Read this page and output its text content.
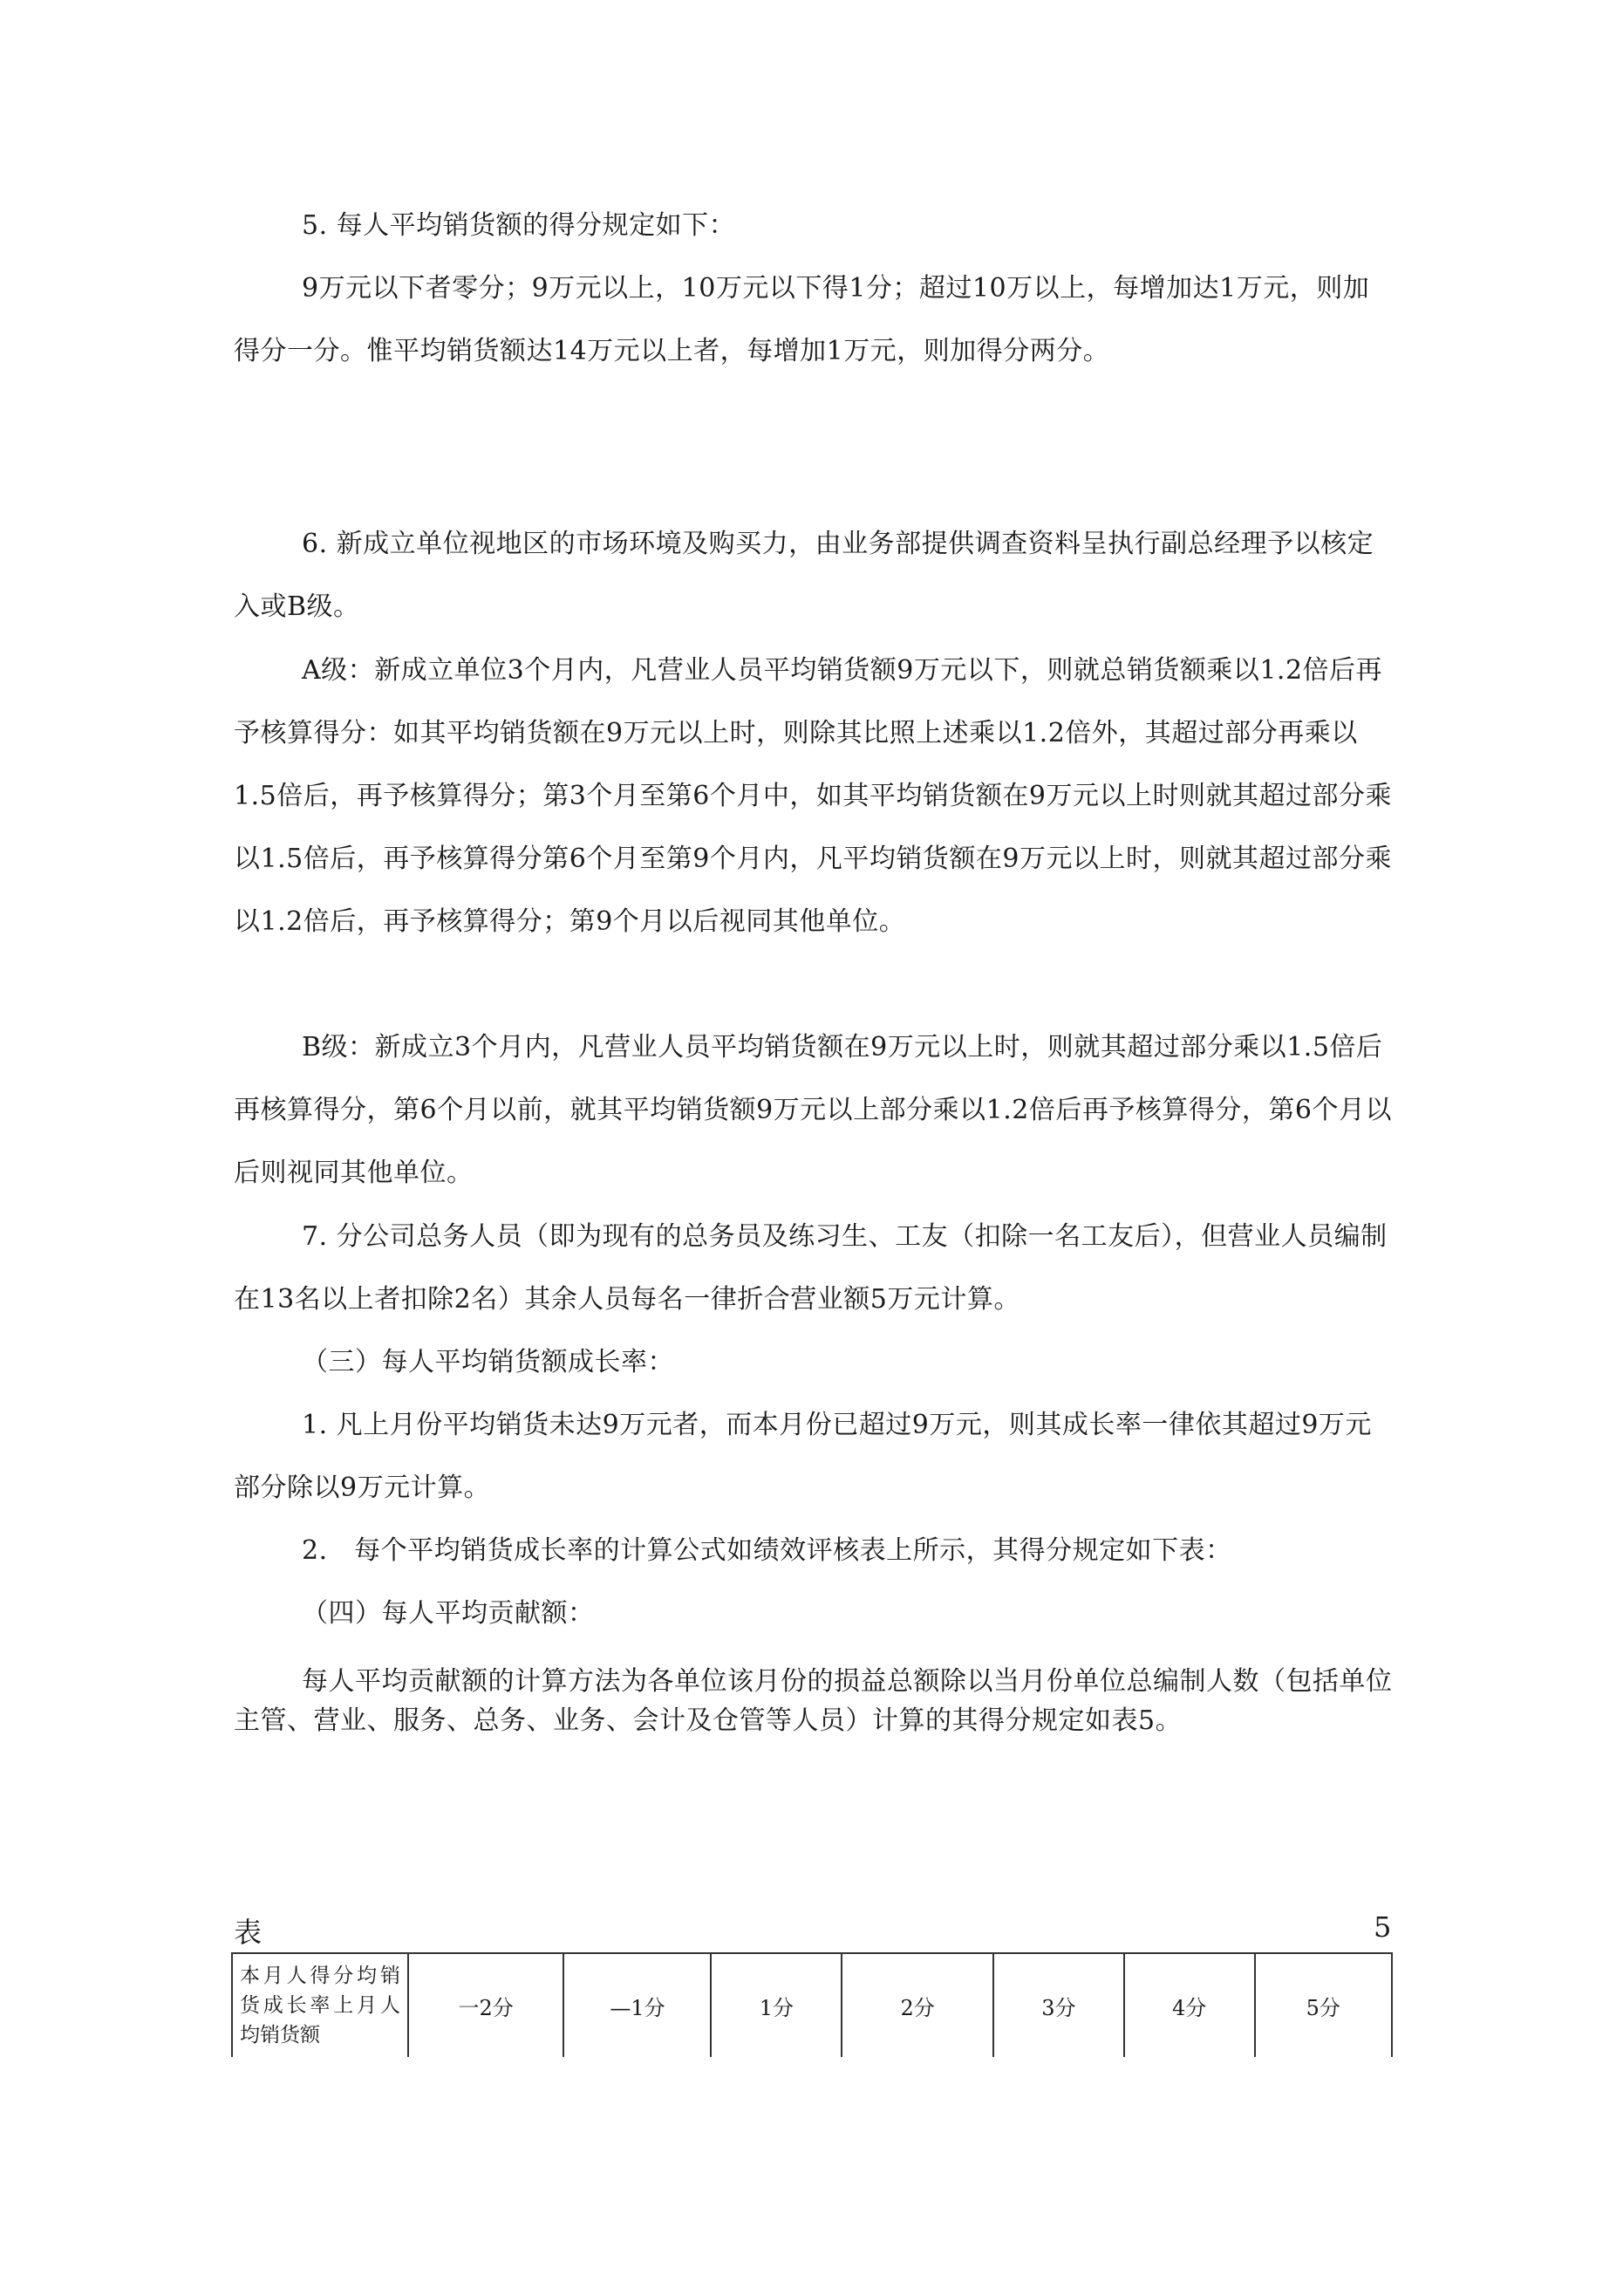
5. 每人平均销货额的得分规定如下：

9万元以下者零分；9万元以上，10万元以下得1分；超过10万以上，每增加达1万元，则加得分一分。惟平均销货额达14万元以上者，每增加1万元，则加得分两分。

6. 新成立单位视地区的市场环境及购买力，由业务部提供调查资料呈执行副总经理予以核定入或B级。

A级：新成立单位3个月内，凡营业人员平均销货额9万元以下，则就总销货额乘以1.2倍后再予核算得分：如其平均销货额在9万元以上时，则除其比照上述乘以1.2倍外，其超过部分再乘以1.5倍后，再予核算得分；第3个月至第6个月中，如其平均销货额在9万元以上时则就其超过部分乘以1.5倍后，再予核算得分第6个月至第9个月内，凡平均销货额在9万元以上时，则就其超过部分乘以1.2倍后，再予核算得分；第9个月以后视同其他单位。

B级：新成立3个月内，凡营业人员平均销货额在9万元以上时，则就其超过部分乘以1.5倍后再核算得分，第6个月以前，就其平均销货额9万元以上部分乘以1.2倍后再予核算得分，第6个月以后则视同其他单位。

7. 分公司总务人员（即为现有的总务员及练习生、工友（扣除一名工友后），但营业人员编制在13名以上者扣除2名）其余人员每名一律折合营业额5万元计算。

（三）每人平均销货额成长率：

1. 凡上月份平均销货未达9万元者，而本月份已超过9万元，则其成长率一律依其超过9万元部分除以9万元计算。

2.　每个平均销货成长率的计算公式如绩效评核表上所示，其得分规定如下表：

（四）每人平均贡献额：

每人平均贡献额的计算方法为各单位该月份的损益总额除以当月份单位总编制人数（包括单位主管、营业、服务、总务、业务、会计及仓管等人员）计算的其得分规定如表5。

表	5
本月人得分均销货成长率上月人均销货额	一2分	—1分	1分	2分	3分	4分	5分
